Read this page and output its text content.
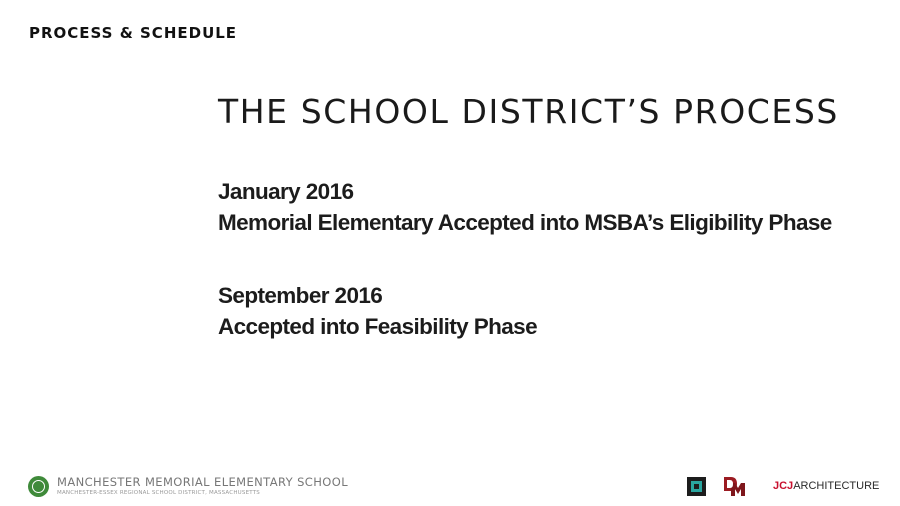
PROCESS & SCHEDULE
THE SCHOOL DISTRICT’S PROCESS
January 2016
Memorial Elementary Accepted into MSBA’s Eligibility Phase
September 2016
Accepted into Feasibility Phase
MANCHESTER MEMORIAL ELEMENTARY SCHOOL
MANCHESTER-ESSEX REGIONAL SCHOOL DISTRICT, MASSACHUSETTS
JCJARCHITECTURE
